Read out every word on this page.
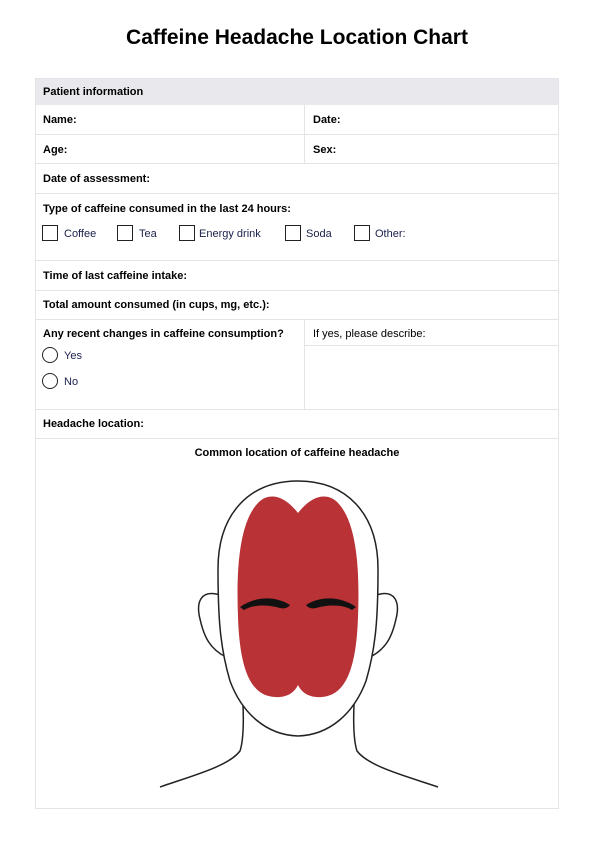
Caffeine Headache Location Chart
Patient information
Name:	Date:
Age:	Sex:
Date of assessment:
Type of caffeine consumed in the last 24 hours:
Coffee	Tea	Energy drink	Soda	Other:
Time of last caffeine intake:
Total amount consumed (in cups, mg, etc.):
Any recent changes in caffeine consumption?
Yes
No
If yes, please describe:
Headache location:
Common location of caffeine headache
